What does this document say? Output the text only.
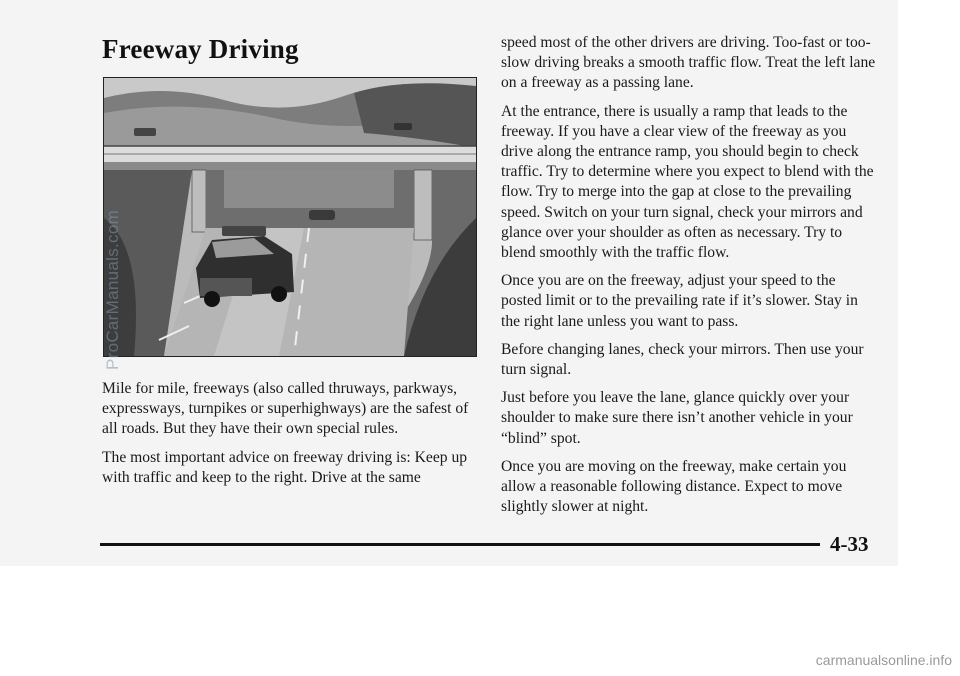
Freeway Driving
ProCarManuals.com

Mile for mile, freeways (also called thruways, parkways, expressways, turnpikes or superhighways) are the safest of all roads. But they have their own special rules.

The most important advice on freeway driving is: Keep up with traffic and keep to the right. Drive at the same

speed most of the other drivers are driving. Too-fast or too-slow driving breaks a smooth traffic flow. Treat the left lane on a freeway as a passing lane.

At the entrance, there is usually a ramp that leads to the freeway. If you have a clear view of the freeway as you drive along the entrance ramp, you should begin to check traffic. Try to determine where you expect to blend with the flow. Try to merge into the gap at close to the prevailing speed. Switch on your turn signal, check your mirrors and glance over your shoulder as often as necessary. Try to blend smoothly with the traffic flow.

Once you are on the freeway, adjust your speed to the posted limit or to the prevailing rate if it’s slower. Stay in the right lane unless you want to pass.

Before changing lanes, check your mirrors. Then use your turn signal.

Just before you leave the lane, glance quickly over your shoulder to make sure there isn’t another vehicle in your “blind” spot.

Once you are moving on the freeway, make certain you allow a reasonable following distance. Expect to move slightly slower at night.

4-33
carmanualsonline.info
